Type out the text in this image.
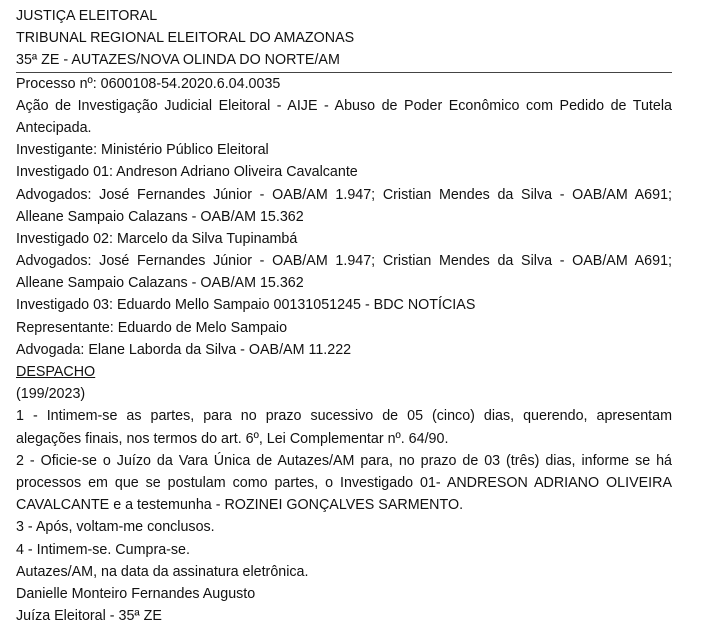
JUSTIÇA ELEITORAL
TRIBUNAL REGIONAL ELEITORAL DO AMAZONAS
35ª ZE - AUTAZES/NOVA OLINDA DO NORTE/AM
Processo nº: 0600108-54.2020.6.04.0035
Ação de Investigação Judicial Eleitoral - AIJE - Abuso de Poder Econômico com Pedido de Tutela
Antecipada.
Investigante: Ministério Público Eleitoral
Investigado 01: Andreson Adriano Oliveira Cavalcante
Advogados: José Fernandes Júnior - OAB/AM 1.947; Cristian Mendes da Silva - OAB/AM A691;
Alleane Sampaio Calazans - OAB/AM 15.362
Investigado 02: Marcelo da Silva Tupinambá
Advogados: José Fernandes Júnior - OAB/AM 1.947; Cristian Mendes da Silva - OAB/AM A691;
Alleane Sampaio Calazans - OAB/AM 15.362
Investigado 03: Eduardo Mello Sampaio 00131051245 - BDC NOTÍCIAS
Representante: Eduardo de Melo Sampaio
Advogada: Elane Laborda da Silva - OAB/AM 11.222
DESPACHO
(199/2023)
1 - Intimem-se as partes, para no prazo sucessivo de 05 (cinco) dias, querendo, apresentam
alegações finais, nos termos do art. 6º, Lei Complementar nº. 64/90.
2 - Oficie-se o Juízo da Vara Única de Autazes/AM para, no prazo de 03 (três) dias, informe se há
processos em que se postulam como partes, o Investigado 01- ANDRESON ADRIANO OLIVEIRA
CAVALCANTE e a testemunha - ROZINEI GONÇALVES SARMENTO.
3 - Após, voltam-me conclusos.
4 - Intimem-se. Cumpra-se.
Autazes/AM, na data da assinatura eletrônica.
Danielle Monteiro Fernandes Augusto
Juíza Eleitoral - 35ª ZE
